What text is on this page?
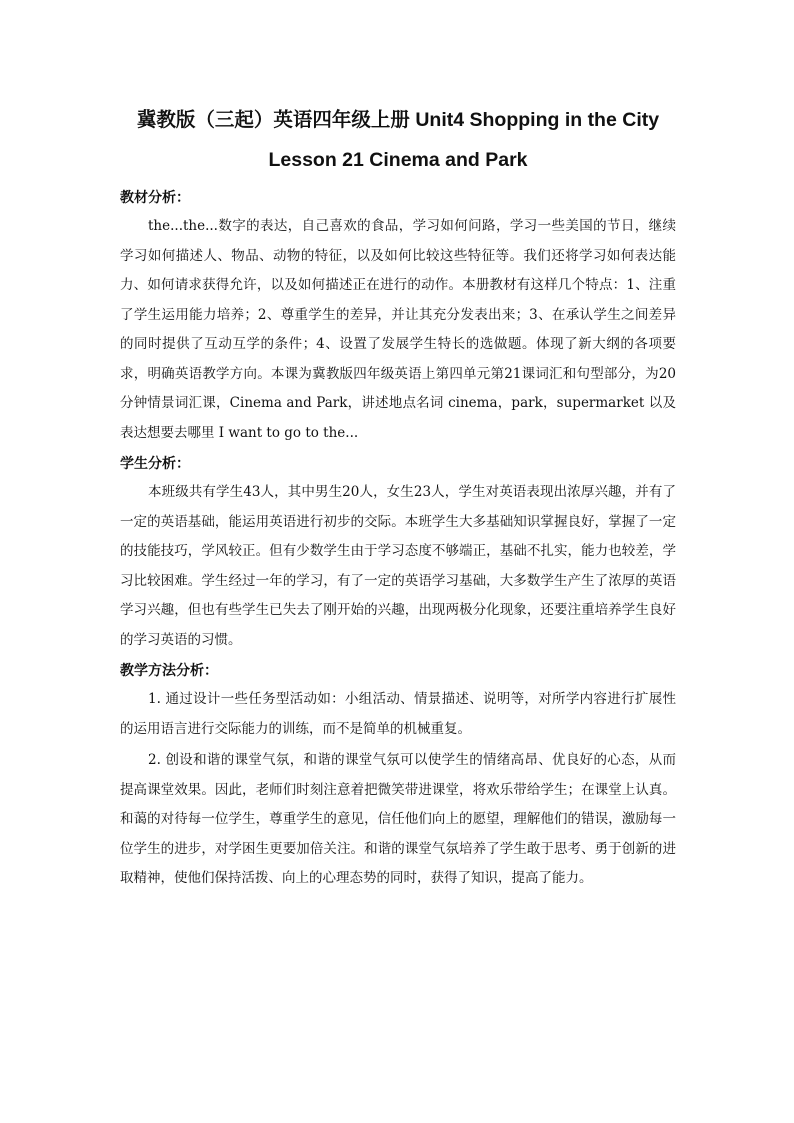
冀教版（三起）英语四年级上册 Unit4 Shopping in the City Lesson 21 Cinema and Park
教材分析：

the...the...数字的表达，自己喜欢的食品，学习如何问路，学习一些美国的节日，继续学习如何描述人、物品、动物的特征，以及如何比较这些特征等。我们还将学习如何表达能力、如何请求获得允许，以及如何描述正在进行的动作。本册教材有这样几个特点：1、注重了学生运用能力培养；2、尊重学生的差异，并让其充分发表出来；3、在承认学生之间差异的同时提供了互动互学的条件；4、设置了发展学生特长的选做题。体现了新大纲的各项要求，明确英语教学方向。本课为冀教版四年级英语上第四单元第21课词汇和句型部分，为20分钟情景词汇课，Cinema and Park，讲述地点名词 cinema，park，supermarket 以及表达想要去哪里 I want to go to the...

学生分析：

本班级共有学生43人，其中男生20人，女生23人，学生对英语表现出浓厚兴趣，并有了一定的英语基础，能运用英语进行初步的交际。本班学生大多基础知识掌握良好，掌握了一定的技能技巧，学风较正。但有少数学生由于学习态度不够端正，基础不扎实，能力也较差，学习比较困难。学生经过一年的学习，有了一定的英语学习基础，大多数学生产生了浓厚的英语学习兴趣，但也有些学生已失去了刚开始的兴趣，出现两极分化现象，还要注重培养学生良好的学习英语的习惯。

教学方法分析：

1. 通过设计一些任务型活动如：小组活动、情景描述、说明等，对所学内容进行扩展性的运用语言进行交际能力的训练，而不是简单的机械重复。

2. 创设和谐的课堂气氛，和谐的课堂气氛可以使学生的情绪高昂、优良好的心态，从而提高课堂效果。因此，老师们时刻注意着把微笑带进课堂，将欢乐带给学生；在课堂上认真。和蔼的对待每一位学生，尊重学生的意见，信任他们向上的愿望，理解他们的错误，激励每一位学生的进步，对学困生更要加倍关注。和谐的课堂气氛培养了学生敢于思考、勇于创新的进取精神，使他们保持活拨、向上的心理态势的同时，获得了知识，提高了能力。
